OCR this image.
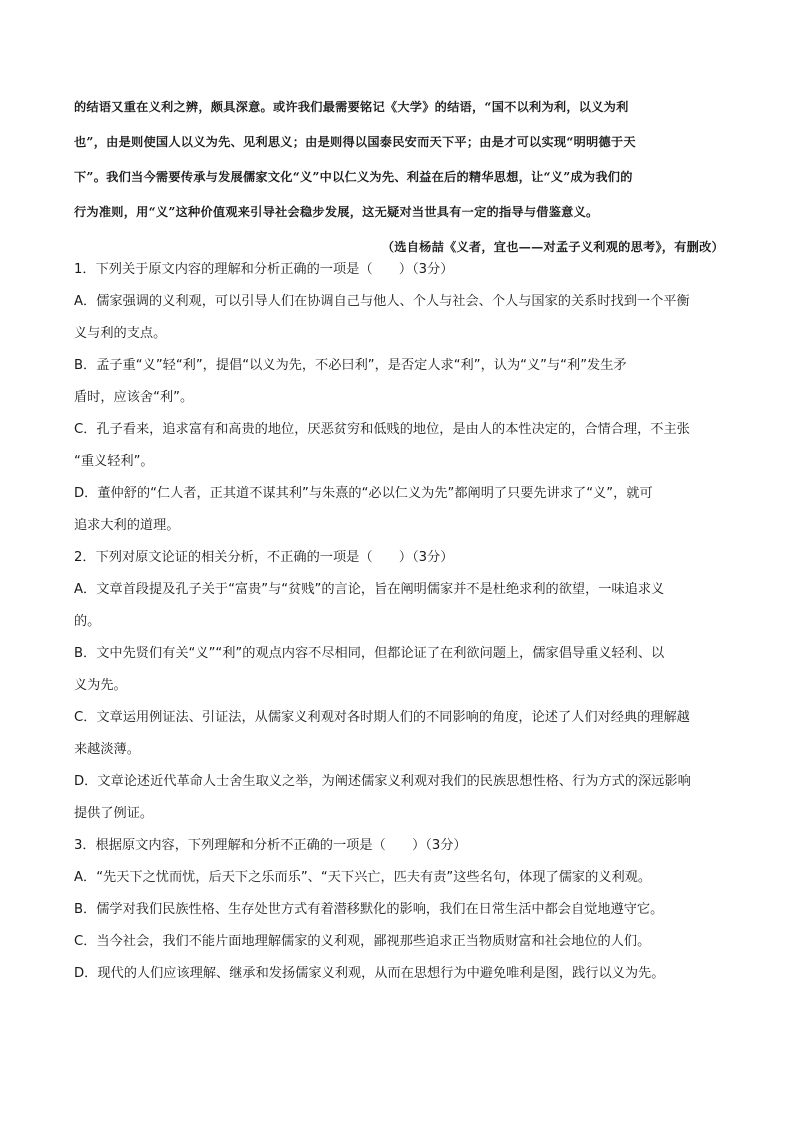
的结语又重在义利之辨，颇具深意。或许我们最需要铭记《大学》的结语，“国不以利为利，以义为利
也”，由是则使国人以义为先、见利思义；由是则得以国泰民安而天下平；由是才可以实现“明明德于天
下”。我们当今需要传承与发展儒家文化“义”中以仁义为先、利益在后的精华思想，让“义”成为我们的
行为准则，用“义”这种价值观来引导社会稳步发展，这无疑对当世具有一定的指导与借鉴意义。
（选自杨喆《义者，宜也——对孟子义利观的思考》，有删改）
1．下列关于原文内容的理解和分析正确的一项是（　　）（3分）
A．儒家强调的义利观，可以引导人们在协调自己与他人、个人与社会、个人与国家的关系时找到一个平衡
义与利的支点。
B．孟子重“义”轻“利”，提倡“以义为先，不必曰利”，是否定人求“利”，认为“义”与“利”发生矛
盾时，应该舍“利”。
C．孔子看来，追求富有和高贵的地位，厌恶贫穷和低贱的地位，是由人的本性决定的，合情合理，不主张
“重义轻利”。
D．董仲舒的“仁人者，正其道不谋其利”与朱熹的“必以仁义为先”都阐明了只要先讲求了“义”，就可
追求大利的道理。
2．下列对原文论证的相关分析，不正确的一项是（　　）（3分）
A．文章首段提及孔子关于“富贵”与“贫贱”的言论，旨在阐明儒家并不是杜绝求利的欲望，一味追求义
的。
B．文中先贤们有关“义”“利”的观点内容不尽相同，但都论证了在利欲问题上，儒家倡导重义轻利、以
义为先。
C．文章运用例证法、引证法，从儒家义利观对各时期人们的不同影响的角度，论述了人们对经典的理解越
来越淡薄。
D．文章论述近代革命人士舍生取义之举，为阐述儒家义利观对我们的民族思想性格、行为方式的深远影响
提供了例证。
3．根据原文内容，下列理解和分析不正确的一项是（　　）（3分）
A．“先天下之忧而忧，后天下之乐而乐”、“天下兴亡，匹夫有责”这些名句，体现了儒家的义利观。
B．儒学对我们民族性格、生存处世方式有着潜移默化的影响，我们在日常生活中都会自觉地遵守它。
C．当今社会，我们不能片面地理解儒家的义利观，鄙视那些追求正当物质财富和社会地位的人们。
D．现代的人们应该理解、继承和发扬儒家义利观，从而在思想行为中避免唯利是图，践行以义为先。
